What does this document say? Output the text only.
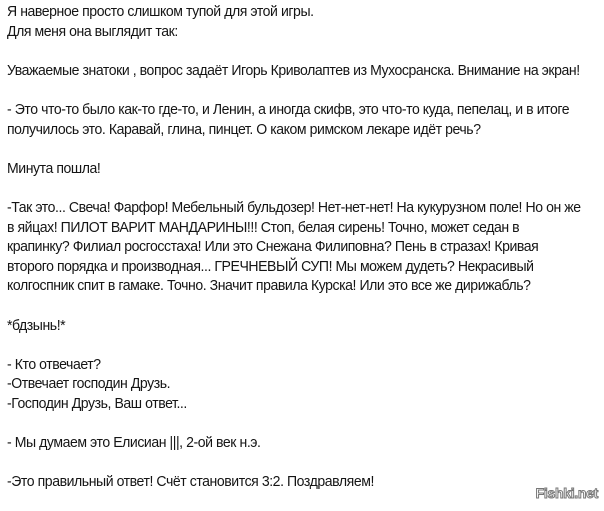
Я наверное просто слишком тупой для этой игры.

Для меня она выглядит так:

Уважаемые знатоки , вопрос задаёт Игорь Криволаптев из Мухосранска. Внимание на экран!

- Это что-то было как-то где-то, и Ленин, а иногда скифв, это что-то куда, пепелац, и в итоге получилось это. Каравай, глина, пинцет. О каком римском лекаре идёт речь?

Минута пошла!

-Так это... Свеча! Фарфор! Мебельный бульдозер! Нет-нет-нет! На кукурузном поле! Но он же в яйцах! ПИЛОТ ВАРИТ МАНДАРИНЫ!!! Стоп, белая сирень! Точно, может седан в крапинку? Филиал росгосстаха! Или это Снежана Филиповна? Пень в стразах! Кривая второго порядка и производная... ГРЕЧНЕВЫЙ СУП! Мы можем дудеть? Некрасивый колгоспник спит в гамаке. Точно. Значит правила Курска! Или это все же дирижабль?

*бдзынь!*

- Кто отвечает?

-Отвечает господин Друзь.

-Господин Друзь, Ваш ответ...

- Мы думаем это Елисиан |||, 2-ой век н.э.

-Это правильный ответ! Счёт становится 3:2. Поздравляем!

Fishki.net
